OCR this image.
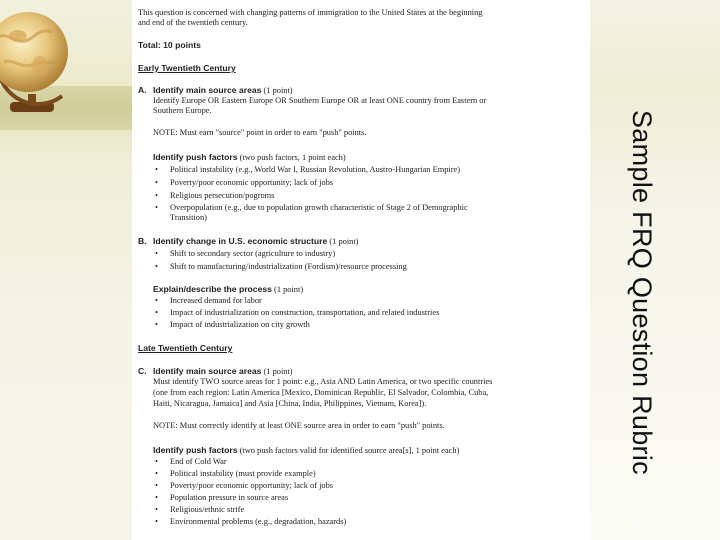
This question is concerned with changing patterns of immigration to the United States at the beginning
and end of the twentieth century.
Total: 10 points
Early Twentieth Century
A. Identify main source areas (1 point)
Identify Europe OR Eastern Europe OR Southern Europe OR at least ONE country from Eastern or
Southern Europe.
NOTE: Must earn "source" point in order to earn "push" points.
Identify push factors (two push factors, 1 point each)
• Political instability (e.g., World War I, Russian Revolution, Austro-Hungarian Empire)
• Poverty/poor economic opportunity; lack of jobs
• Religious persecution/pogroms
• Overpopulation (e.g., due to population growth characteristic of Stage 2 of Demographic
Transition)
B. Identify change in U.S. economic structure (1 point)
• Shift to secondary sector (agriculture to industry)
• Shift to manufacturing/industrialization (Fordism)/resource processing
Explain/describe the process (1 point)
• Increased demand for labor
• Impact of industrialization on construction, transportation, and related industries
• Impact of industrialization on city growth
Late Twentieth Century
C. Identify main source areas (1 point)
Must identify TWO source areas for 1 point: e.g., Asia AND Latin America, or two specific countries
(one from each region: Latin America [Mexico, Dominican Republic, El Salvador, Colombia, Cuba,
Haiti, Nicaragua, Jamaica] and Asia [China, India, Philippines, Vietnam, Korea]).
NOTE: Must correctly identify at least ONE source area in order to earn "push" points.
Identify push factors (two push factors valid for identified source area[s], 1 point each)
• End of Cold War
• Political instability (must provide example)
• Poverty/poor economic opportunity; lack of jobs
• Population pressure in source areas
• Religious/ethnic strife
• Environmental problems (e.g., degradation, hazards)
Sample FRQ Question Rubric
